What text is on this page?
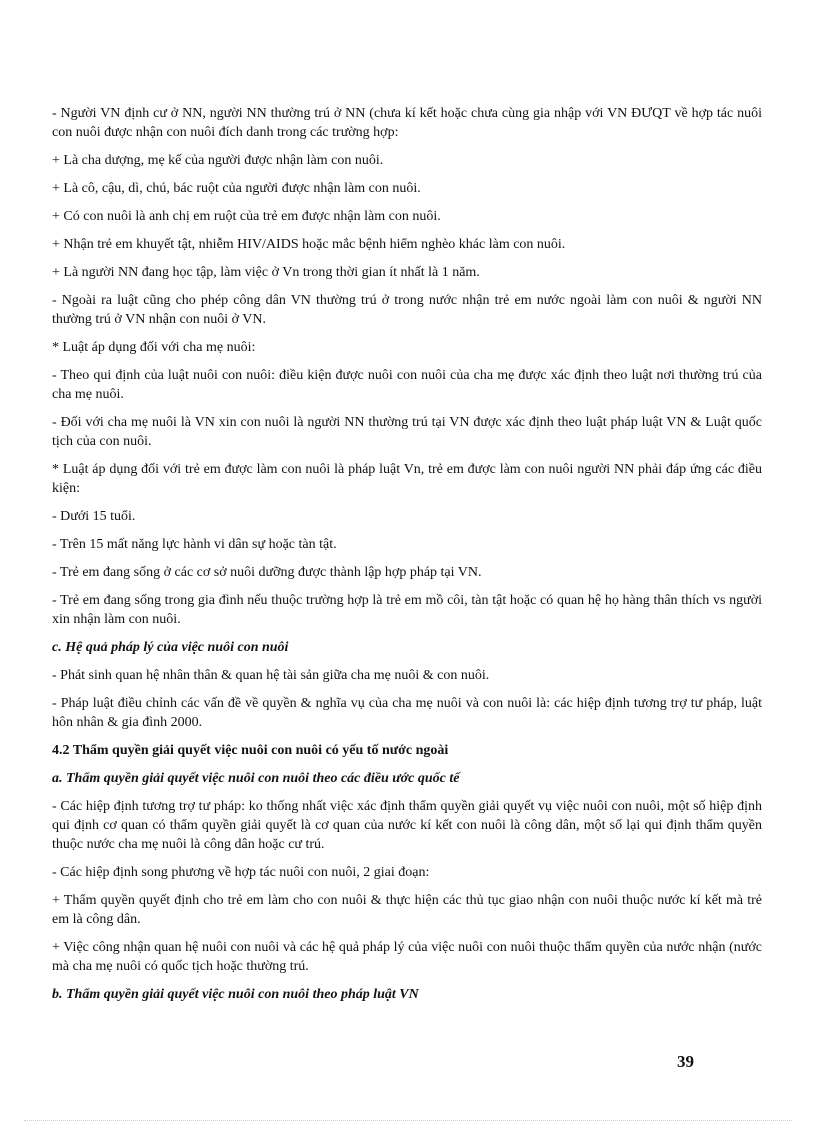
- Người VN định cư ở NN, người NN thường trú ở NN (chưa kí kết hoặc chưa cùng gia nhập với VN ĐƯQT về hợp tác nuôi con nuôi được nhận con nuôi đích danh trong các trường hợp:

+ Là cha dượng, mẹ kế của người được nhận làm con nuôi.

+ Là cô, cậu, dì, chú, bác ruột của người được nhận làm con nuôi.

+ Có con nuôi là anh chị em ruột của trẻ em được nhận làm con nuôi.

+ Nhận trẻ em khuyết tật, nhiễm HIV/AIDS hoặc mắc bệnh hiểm nghèo khác làm con nuôi.

+ Là người NN đang học tập, làm việc ở Vn trong thời gian ít nhất là 1 năm.

- Ngoài ra luật cũng cho phép công dân VN thường trú ở trong nước nhận trẻ em nước ngoài làm con nuôi & người NN thường trú ở VN nhận con nuôi ở VN.

* Luật áp dụng đối với cha mẹ nuôi:

- Theo qui định của luật nuôi con nuôi: điều kiện được nuôi con nuôi của cha mẹ được xác định theo luật nơi thường trú của cha mẹ nuôi.

- Đối với cha mẹ nuôi là VN xin con nuôi là người NN thường trú tại VN được xác định theo luật pháp luật VN & Luật quốc tịch của con nuôi.

* Luật áp dụng đối với trẻ em được làm con nuôi là pháp luật Vn, trẻ em được làm con nuôi người NN phải đáp ứng các điều kiện:

- Dưới 15 tuổi.

- Trên 15 mất năng lực hành vi dân sự hoặc tàn tật.

- Trẻ em đang sống ở các cơ sở nuôi dưỡng được thành lập hợp pháp tại VN.

- Trẻ em đang sống trong gia đình nếu thuộc trường hợp là trẻ em mồ côi, tàn tật hoặc có quan hệ họ hàng thân thích vs người xin nhận làm con nuôi.

c. Hệ quả pháp lý của việc nuôi con nuôi

- Phát sinh quan hệ nhân thân & quan hệ tài sản giữa cha mẹ nuôi & con nuôi.

- Pháp luật điều chỉnh các vấn đề về quyền & nghĩa vụ của cha mẹ nuôi và con nuôi là: các hiệp định tương trợ tư pháp, luật hôn nhân & gia đình 2000.

4.2 Thẩm quyền giải quyết việc nuôi con nuôi có yếu tố nước ngoài

a. Thẩm quyền giải quyết việc nuôi con nuôi theo các điều ước quốc tế

- Các hiệp định tương trợ tư pháp: ko thống nhất việc xác định thẩm quyền giải quyết vụ việc nuôi con nuôi, một số hiệp định qui định cơ quan có thẩm quyền giải quyết là cơ quan của nước kí kết con nuôi là công dân, một số lại qui định thẩm quyền thuộc nước cha mẹ nuôi là công dân hoặc cư trú.

- Các hiệp định song phương về hợp tác nuôi con nuôi, 2 giai đoạn:

+ Thẩm quyền quyết định cho trẻ em làm cho con nuôi & thực hiện các thủ tục giao nhận con nuôi thuộc nước kí kết mà trẻ em là công dân.

+ Việc công nhận quan hệ nuôi con nuôi và các hệ quả pháp lý của việc nuôi con nuôi thuộc thẩm quyền của nước nhận (nước mà cha mẹ nuôi có quốc tịch hoặc thường trú.

b. Thẩm quyền giải quyết việc nuôi con nuôi theo pháp luật VN

39
